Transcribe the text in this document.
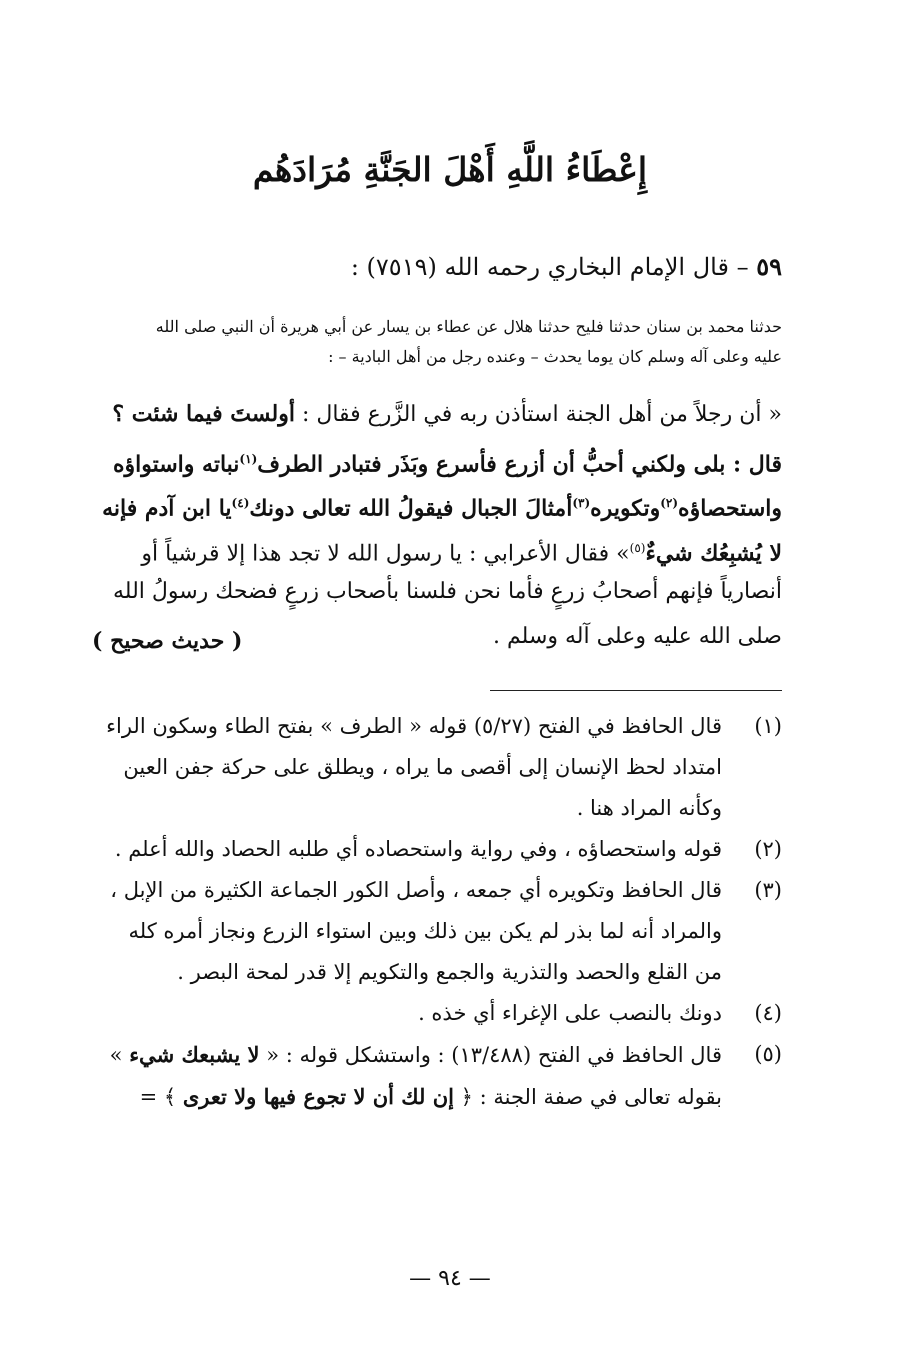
إِعْطَاءُ اللَّهِ أَهْلَ الجَنَّةِ مُرَادَهُم
٥٩ – قال الإمام البخاري رحمه الله (٧٥١٩) :

حدثنا محمد بن سنان حدثنا فليح حدثنا هلال عن عطاء بن يسار عن أبي هريرة أن النبي صلى الله

عليه وعلى آله وسلم كان يوما يحدث – وعنده رجل من أهل البادية – :

« أن رجلاً من أهل الجنة استأذن ربه في الزَّرع فقال : أولستَ فيما شئت ؟
قال : بلى ولكني أحبُّ أن أزرع فأسرع وبَذَر فتبادر الطرف$^{(١)}$نباته واستواؤه
واستحصاؤه$^{(٢)}$وتكويره$^{(٣)}$أمثالَ الجبال فيقولُ الله تعالى دونك$^{(٤)}$يا ابن آدم فإنه
لا يُشبِعُك شيءٌ$^{(٥)}$» فقال الأعرابي : يا رسول الله لا تجد هذا إلا قرشياً أو
أنصارياً فإنهم أصحابُ زرعٍ فأما نحن فلسنا بأصحاب زرعٍ فضحك رسولُ الله
صلى الله عليه وعلى آله وسلم .
( حديث صحيح )
(١)
قال الحافظ في الفتح (٥/٢٧) قوله « الطرف » بفتح الطاء وسكون الراء
امتداد لحظ الإنسان إلى أقصى ما يراه ، ويطلق على حركة جفن العين
وكأنه المراد هنا .
(٢)
قوله واستحصاؤه ، وفي رواية واستحصاده أي طلبه الحصاد والله أعلم .
(٣)
قال الحافظ وتكويره أي جمعه ، وأصل الكور الجماعة الكثيرة من الإبل ،
والمراد أنه لما بذر لم يكن بين ذلك وبين استواء الزرع ونجاز أمره كله
من القلع والحصد والتذرية والجمع والتكويم إلا قدر لمحة البصر .
(٤)
دونك بالنصب على الإغراء أي خذه .
(٥)
قال الحافظ في الفتح (١٣/٤٨٨) : واستشكل قوله : « لا يشبعك شيء »
بقوله تعالى في صفة الجنة : ﴿ إن لك أن لا تجوع فيها ولا تعرى ﴾ =
— ٩٤ —
